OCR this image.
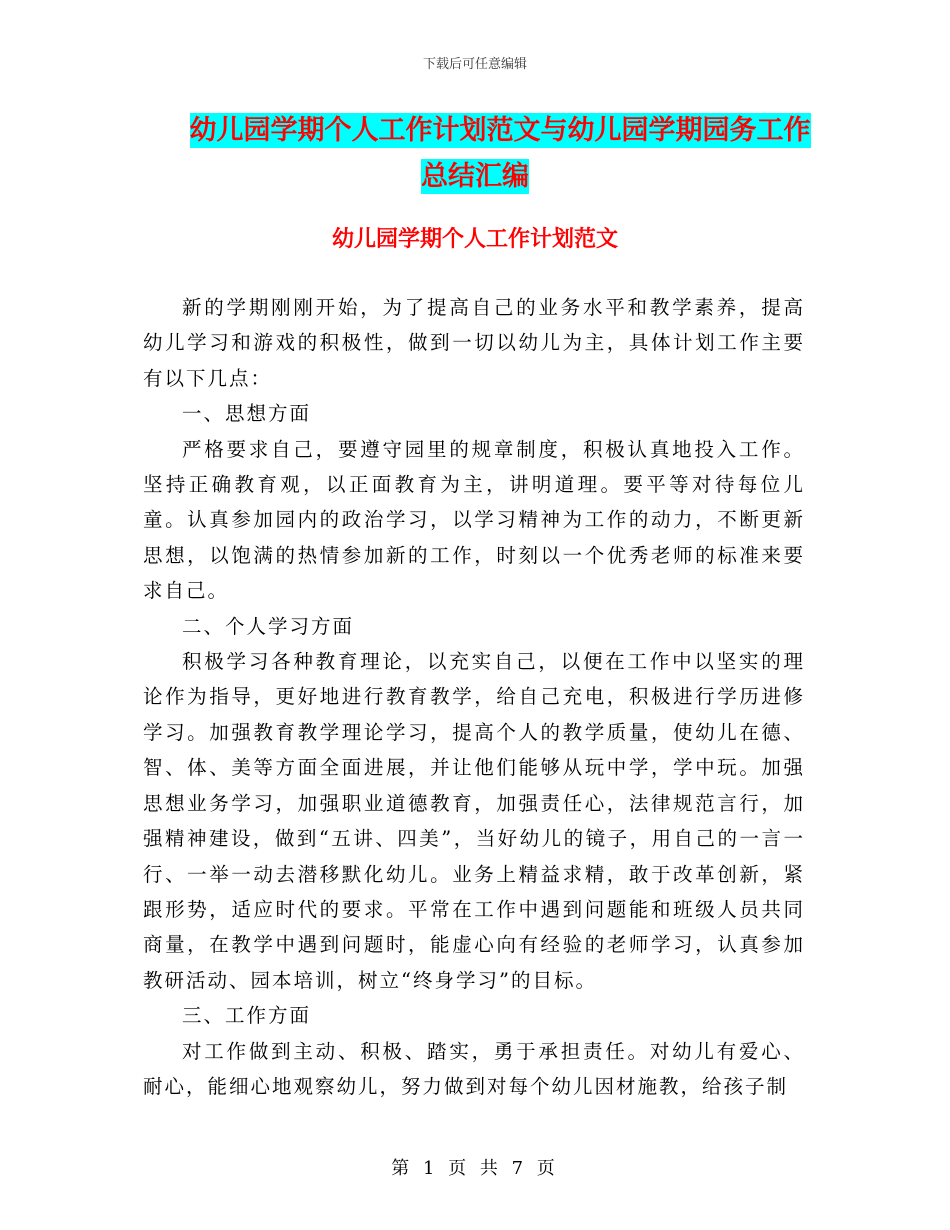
下载后可任意编辑
幼儿园学期个人工作计划范文与幼儿园学期园务工作
总结汇编
幼儿园学期个人工作计划范文

新的学期刚刚开始，为了提高自己的业务水平和教学素养，提高幼儿学习和游戏的积极性，做到一切以幼儿为主，具体计划工作主要有以下几点：

一、思想方面

严格要求自己，要遵守园里的规章制度，积极认真地投入工作。坚持正确教育观，以正面教育为主，讲明道理。要平等对待每位儿童。认真参加园内的政治学习，以学习精神为工作的动力，不断更新思想，以饱满的热情参加新的工作，时刻以一个优秀老师的标准来要求自己。

二、个人学习方面

积极学习各种教育理论，以充实自己，以便在工作中以坚实的理论作为指导，更好地进行教育教学，给自己充电，积极进行学历进修学习。加强教育教学理论学习，提高个人的教学质量，使幼儿在德、智、体、美等方面全面进展，并让他们能够从玩中学，学中玩。加强思想业务学习，加强职业道德教育，加强责任心，法律规范言行，加强精神建设，做到“五讲、四美”，当好幼儿的镜子，用自己的一言一行、一举一动去潜移默化幼儿。业务上精益求精，敢于改革创新，紧跟形势，适应时代的要求。平常在工作中遇到问题能和班级人员共同商量，在教学中遇到问题时，能虚心向有经验的老师学习，认真参加教研活动、园本培训，树立“终身学习”的目标。

三、工作方面

对工作做到主动、积极、踏实，勇于承担责任。对幼儿有爱心、耐心，能细心地观察幼儿，努力做到对每个幼儿因材施教，给孩子制

第 1 页 共 7 页
